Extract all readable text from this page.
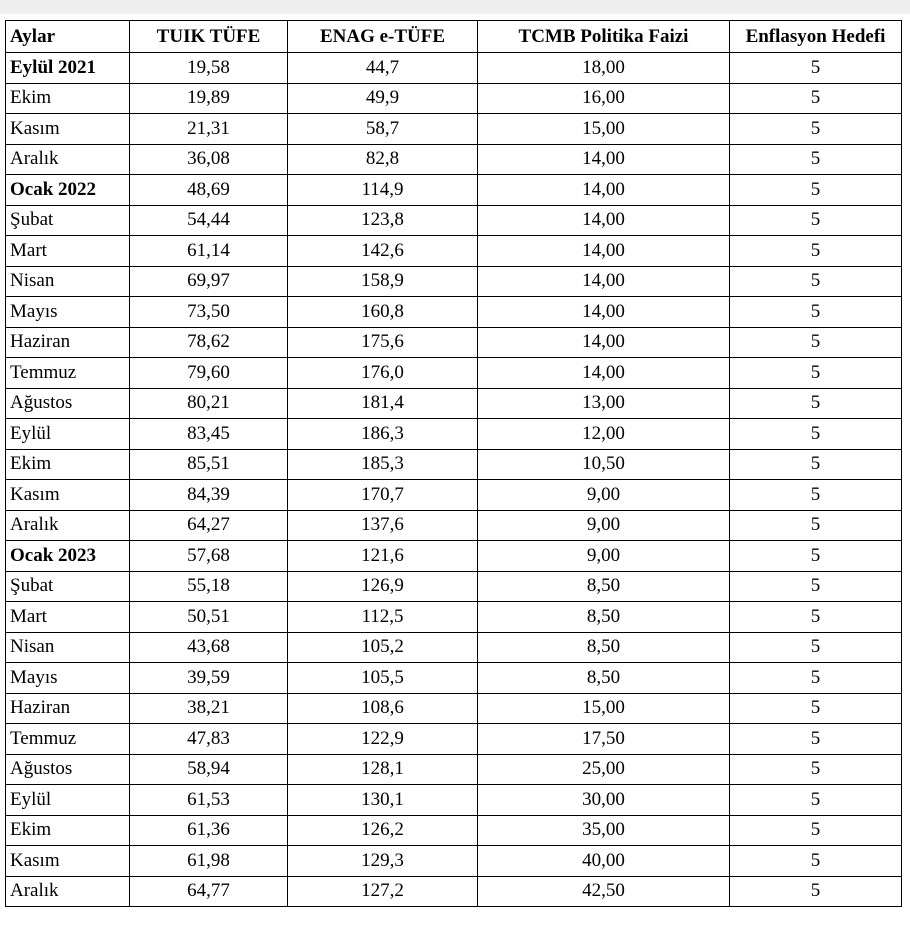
Aylar	TUIK TÜFE	ENAG e-TÜFE	TCMB Politika Faizi	Enflasyon Hedefi
Eylül 2021	19,58	44,7	18,00	5
Ekim	19,89	49,9	16,00	5
Kasım	21,31	58,7	15,00	5
Aralık	36,08	82,8	14,00	5
Ocak 2022	48,69	114,9	14,00	5
Şubat	54,44	123,8	14,00	5
Mart	61,14	142,6	14,00	5
Nisan	69,97	158,9	14,00	5
Mayıs	73,50	160,8	14,00	5
Haziran	78,62	175,6	14,00	5
Temmuz	79,60	176,0	14,00	5
Ağustos	80,21	181,4	13,00	5
Eylül	83,45	186,3	12,00	5
Ekim	85,51	185,3	10,50	5
Kasım	84,39	170,7	9,00	5
Aralık	64,27	137,6	9,00	5
Ocak 2023	57,68	121,6	9,00	5
Şubat	55,18	126,9	8,50	5
Mart	50,51	112,5	8,50	5
Nisan	43,68	105,2	8,50	5
Mayıs	39,59	105,5	8,50	5
Haziran	38,21	108,6	15,00	5
Temmuz	47,83	122,9	17,50	5
Ağustos	58,94	128,1	25,00	5
Eylül	61,53	130,1	30,00	5
Ekim	61,36	126,2	35,00	5
Kasım	61,98	129,3	40,00	5
Aralık	64,77	127,2	42,50	5
